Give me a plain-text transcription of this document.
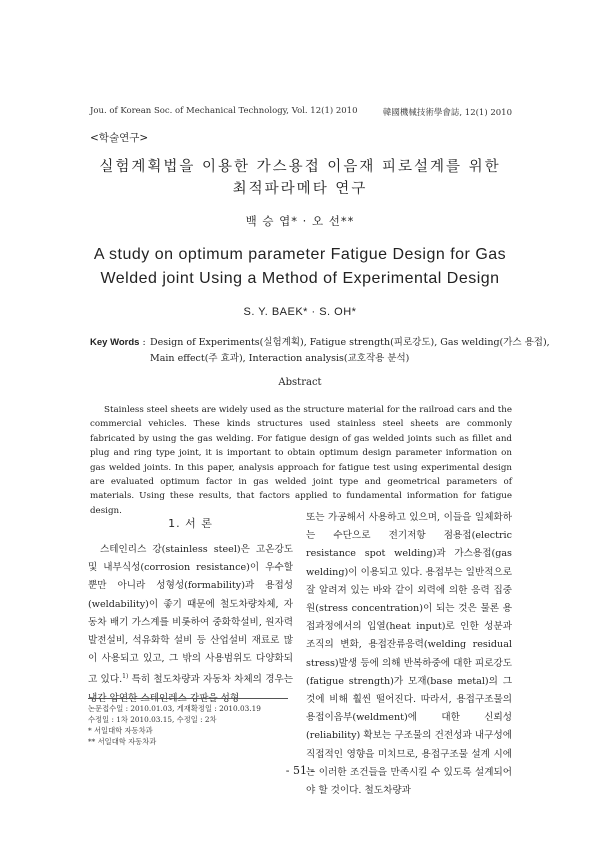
Jou. of Korean Soc. of Mechanical Technology, Vol. 12(1) 2010	韓國機械技術學會誌, 12(1) 2010
<학술연구>
실험계획법을 이용한 가스용접 이음재 피로설계를 위한
최적파라메타 연구
백 승 엽* · 오 선**
A study on optimum parameter Fatigue Design for Gas
Welded joint Using a Method of Experimental Design
S. Y. BAEK* · S. OH*
Key Words : Design of Experiments(실험계획), Fatigue strength(피로강도), Gas welding(가스 용접),
Main effect(주 효과), Interaction analysis(교호작용 분석)
Abstract

Stainless steel sheets are widely used as the structure material for the railroad cars and the commercial vehicles. These kinds structures used stainless steel sheets are commonly fabricated by using the gas welding. For fatigue design of gas welded joints such as fillet and plug and ring type joint, it is important to obtain optimum design parameter information on gas welded joints. In this paper, analysis approach for fatigue test using experimental design are evaluated optimum factor in gas welded joint type and geometrical parameters of materials. Using these results, that factors applied to fundamental information for fatigue design.

1. 서 론

스테인리스 강(stainless steel)은 고온강도 및 내부식성(corrosion resistance)이 우수할 뿐만 아니라 성형성(formability)과 용접성(weldability)이 좋기 때문에 철도차량차체, 자동차 배기 가스계를 비롯하여 중화학설비, 원자력 발전설비, 석유화학 설비 등 산업설비 재료로 많이 사용되고 있고, 그 밖의 사용범위도 다양화되고 있다.$^{1)}$ 특히 철도차량과 자동차 차체의 경우는 냉간 압연한 스테인레스 강판을 성형

또는 가공해서 사용하고 있으며, 이들을 일체화하는 수단으로 전기저항 점용접(electric resistance spot welding)과 가스용접(gas welding)이 이용되고 있다. 용접부는 일반적으로 잘 알려져 있는 바와 같이 외력에 의한 응력 집중원(stress concentration)이 되는 것은 물론 용접과정에서의 입열(heat input)로 인한 성분과 조직의 변화, 용접잔류응력(welding residual stress)발생 등에 의해 반복하중에 대한 피로강도(fatigue strength)가 모재(base metal)의 그것에 비해 훨씬 떨어진다. 따라서, 용접구조물의 용접이음부(weldment)에 대한 신뢰성(reliability) 확보는 구조물의 건전성과 내구성에 직접적인 영향을 미치므로, 용접구조물 설계 시에는 이러한 조건들을 만족시킬 수 있도록 설계되어야 할 것이다. 철도차량과

논문접수일 : 2010.01.03, 게재확정일 : 2010.03.19
수정일 : 1차 2010.03.15, 수정일 : 2차
* 서일대학 자동차과
** 서일대학 자동차과
- 51 -
